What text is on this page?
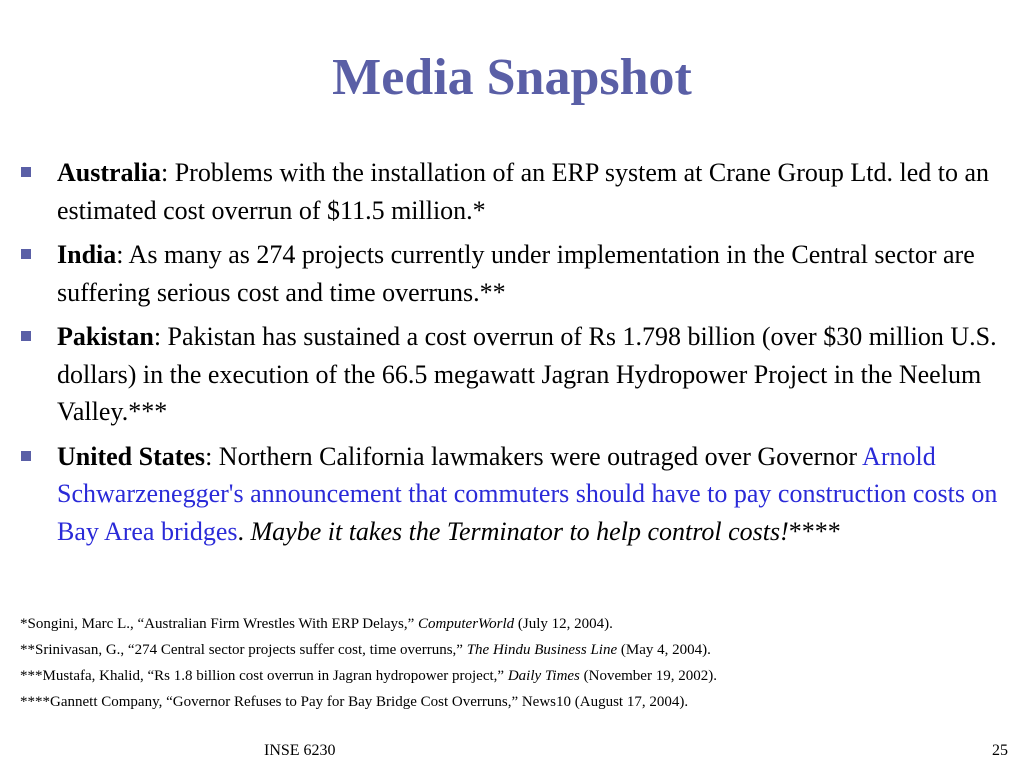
Media Snapshot
Australia: Problems with the installation of an ERP system at Crane Group Ltd. led to an estimated cost overrun of $11.5 million.*
India: As many as 274 projects currently under implementation in the Central sector are suffering serious cost and time overruns.**
Pakistan: Pakistan has sustained a cost overrun of Rs 1.798 billion (over $30 million U.S. dollars) in the execution of the 66.5 megawatt Jagran Hydropower Project in the Neelum Valley.***
United States: Northern California lawmakers were outraged over Governor Arnold Schwarzenegger's announcement that commuters should have to pay construction costs on Bay Area bridges. Maybe it takes the Terminator to help control costs!****

*Songini, Marc L., “Australian Firm Wrestles With ERP Delays,” ComputerWorld (July 12, 2004).

**Srinivasan, G., “274 Central sector projects suffer cost, time overruns,” The Hindu Business Line (May 4, 2004).

***Mustafa, Khalid, “Rs 1.8 billion cost overrun in Jagran hydropower project,” Daily Times (November 19, 2002).

****Gannett Company, “Governor Refuses to Pay for Bay Bridge Cost Overruns,” News10 (August 17, 2004).

INSE 6230	25
